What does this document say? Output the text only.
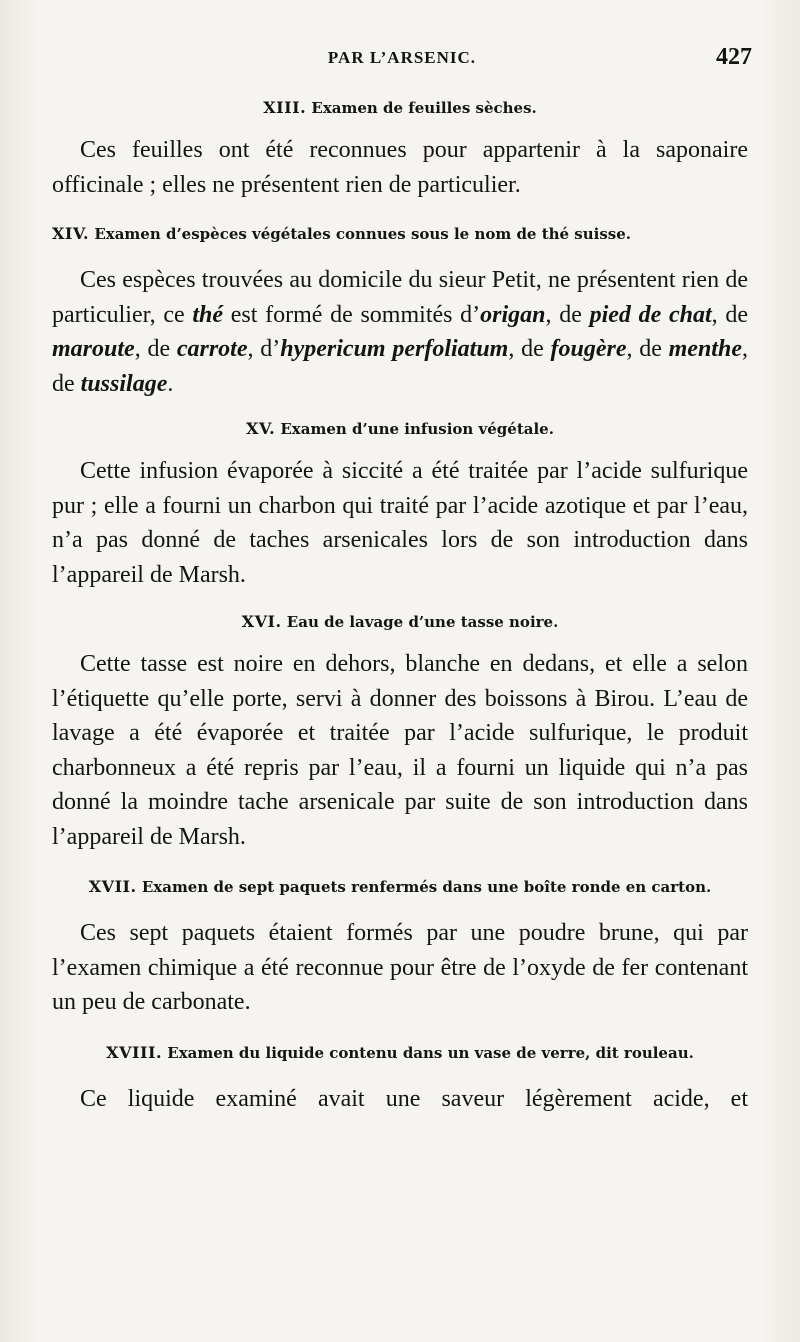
PAR L’ARSENIC.	427

XIII. Examen de feuilles sèches.

Ces feuilles ont été reconnues pour appartenir à la saponaire officinale ; elles ne présentent rien de particulier.

XIV. Examen d’espèces végétales connues sous le nom de thé suisse.

Ces espèces trouvées au domicile du sieur Petit, ne présentent rien de particulier, ce thé est formé de sommités d’origan, de pied de chat, de maroute, de carrote, d’hypericum perfoliatum, de fougère, de menthe, de tussilage.

XV. Examen d’une infusion végétale.

Cette infusion évaporée à siccité a été traitée par l’acide sulfurique pur ; elle a fourni un charbon qui traité par l’acide azotique et par l’eau, n’a pas donné de taches arsenicales lors de son introduction dans l’appareil de Marsh.

XVI. Eau de lavage d’une tasse noire.

Cette tasse est noire en dehors, blanche en dedans, et elle a selon l’étiquette qu’elle porte, servi à donner des boissons à Birou. L’eau de lavage a été évaporée et traitée par l’acide sulfurique, le produit charbonneux a été repris par l’eau, il a fourni un liquide qui n’a pas donné la moindre tache arsenicale par suite de son introduction dans l’appareil de Marsh.

XVII. Examen de sept paquets renfermés dans une boîte ronde en carton.

Ces sept paquets étaient formés par une poudre brune, qui par l’examen chimique a été reconnue pour être de l’oxyde de fer contenant un peu de carbonate.

XVIII. Examen du liquide contenu dans un vase de verre, dit rouleau.

Ce liquide examiné avait une saveur légèrement acide, et
